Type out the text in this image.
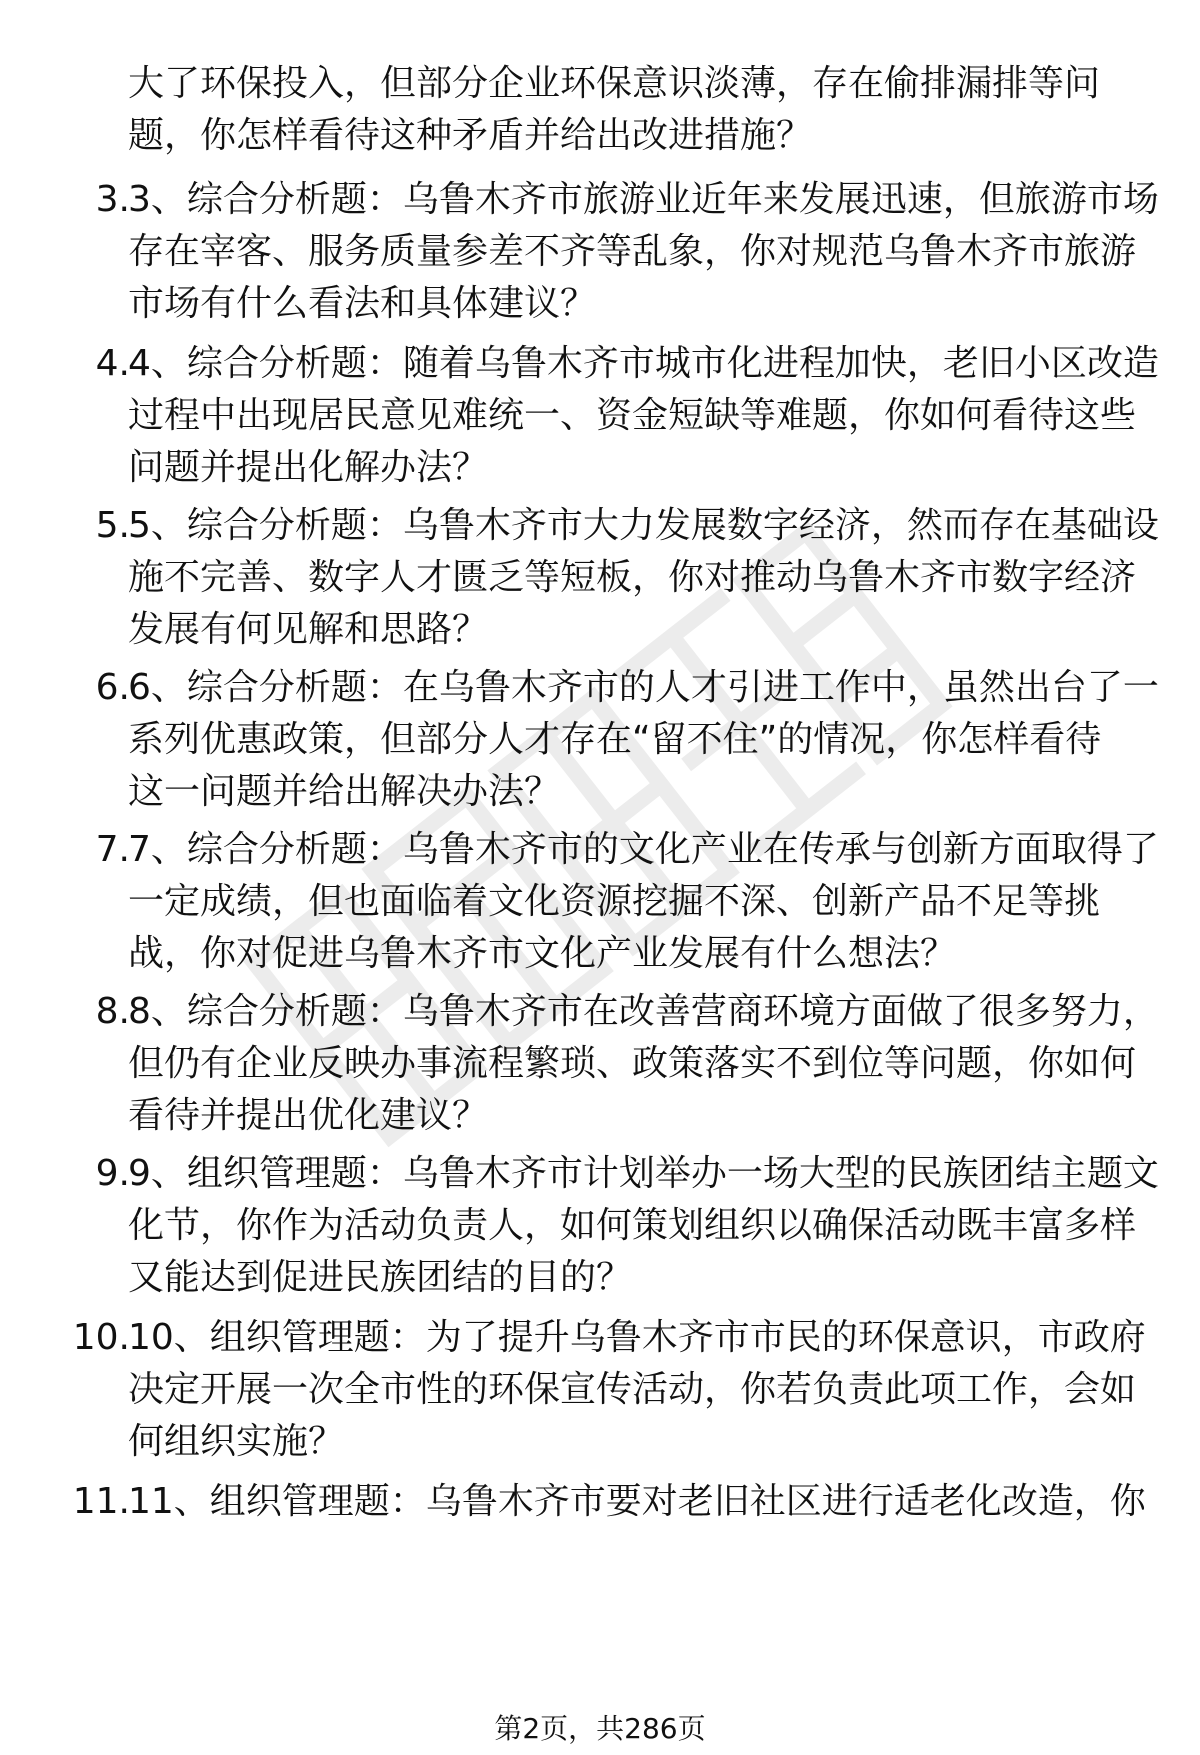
大了环保投入，但部分企业环保意识淡薄，存在偷排漏排等问
题，你怎样看待这种矛盾并给出改进措施？
3.
3、综合分析题：乌鲁木齐市旅游业近年来发展迅速，但旅游市场
存在宰客、服务质量参差不齐等乱象，你对规范乌鲁木齐市旅游
市场有什么看法和具体建议？
4.
4、综合分析题：随着乌鲁木齐市城市化进程加快，老旧小区改造
过程中出现居民意见难统一、资金短缺等难题，你如何看待这些
问题并提出化解办法？
5.
5、综合分析题：乌鲁木齐市大力发展数字经济，然而存在基础设
施不完善、数字人才匮乏等短板，你对推动乌鲁木齐市数字经济
发展有何见解和思路？
6.
6、综合分析题：在乌鲁木齐市的人才引进工作中，虽然出台了一
系列优惠政策，但部分人才存在“留不住”的情况，你怎样看待
这一问题并给出解决办法？
7.
7、综合分析题：乌鲁木齐市的文化产业在传承与创新方面取得了
一定成绩，但也面临着文化资源挖掘不深、创新产品不足等挑
战，你对促进乌鲁木齐市文化产业发展有什么想法？
8.
8、综合分析题：乌鲁木齐市在改善营商环境方面做了很多努力，
但仍有企业反映办事流程繁琐、政策落实不到位等问题，你如何
看待并提出优化建议？
9.
9、组织管理题：乌鲁木齐市计划举办一场大型的民族团结主题文
化节，你作为活动负责人，如何策划组织以确保活动既丰富多样
又能达到促进民族团结的目的？
10.
10、组织管理题：为了提升乌鲁木齐市市民的环保意识，市政府
决定开展一次全市性的环保宣传活动，你若负责此项工作，会如
何组织实施？
11.
11、组织管理题：乌鲁木齐市要对老旧社区进行适老化改造，你
第2页，共286页
